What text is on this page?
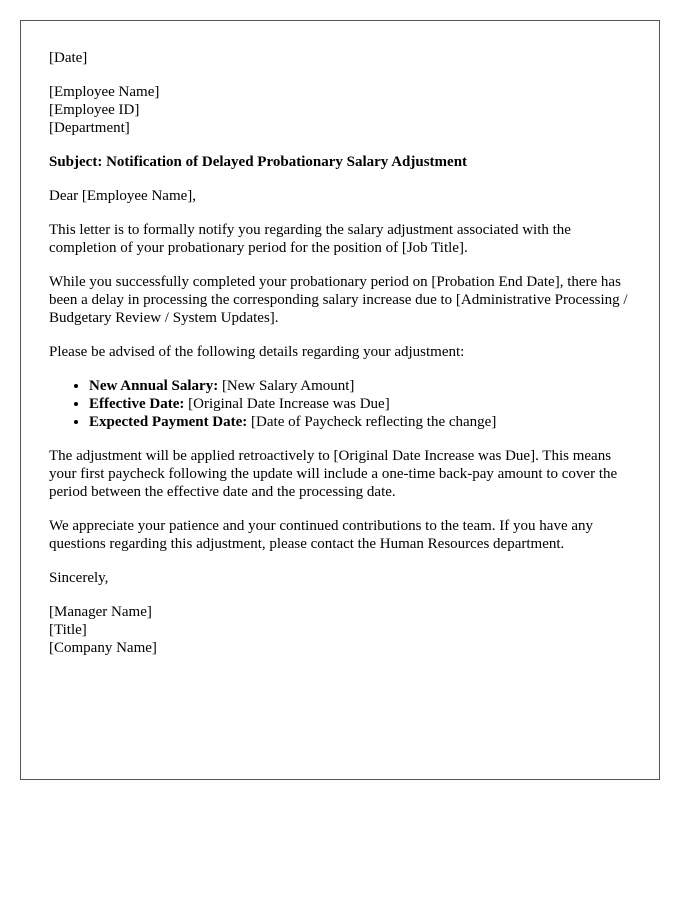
[Date]
[Employee Name]
[Employee ID]
[Department]
Subject: Notification of Delayed Probationary Salary Adjustment
Dear [Employee Name],
This letter is to formally notify you regarding the salary adjustment associated with the completion of your probationary period for the position of [Job Title].
While you successfully completed your probationary period on [Probation End Date], there has been a delay in processing the corresponding salary increase due to [Administrative Processing / Budgetary Review / System Updates].
Please be advised of the following details regarding your adjustment:
• New Annual Salary: [New Salary Amount]
• Effective Date: [Original Date Increase was Due]
• Expected Payment Date: [Date of Paycheck reflecting the change]
The adjustment will be applied retroactively to [Original Date Increase was Due]. This means your first paycheck following the update will include a one-time back-pay amount to cover the period between the effective date and the processing date.
We appreciate your patience and your continued contributions to the team. If you have any questions regarding this adjustment, please contact the Human Resources department.
Sincerely,
[Manager Name]
[Title]
[Company Name]
